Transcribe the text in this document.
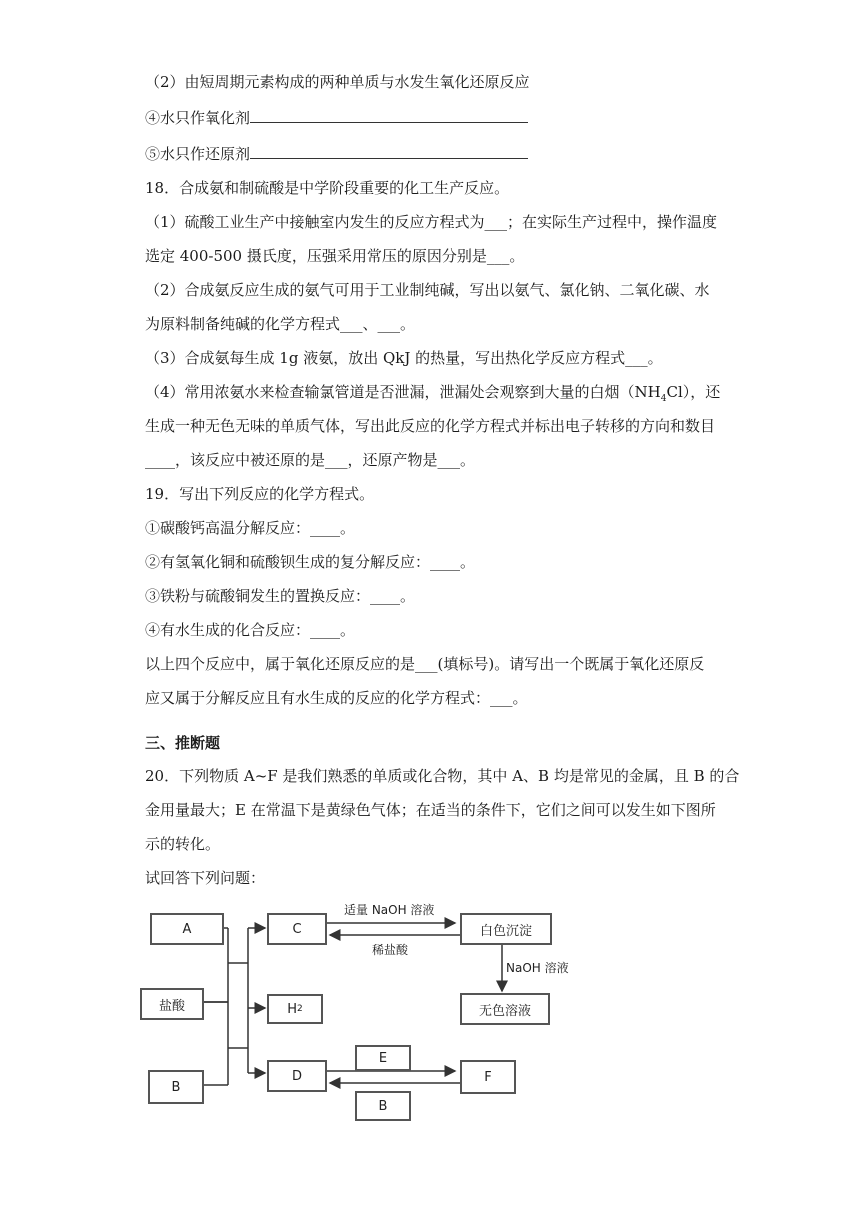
（2）由短周期元素构成的两种单质与水发生氧化还原反应
④水只作氧化剂
⑤水只作还原剂
18．合成氨和制硫酸是中学阶段重要的化工生产反应。
（1）硫酸工业生产中接触室内发生的反应方程式为___；在实际生产过程中，操作温度
选定 400-500 摄氏度，压强采用常压的原因分别是___。
（2）合成氨反应生成的氨气可用于工业制纯碱，写出以氨气、氯化钠、二氧化碳、水
为原料制备纯碱的化学方程式___、___。
（3）合成氨每生成 1g 液氨，放出 QkJ 的热量，写出热化学反应方程式___。
（4）常用浓氨水来检查输氯管道是否泄漏，泄漏处会观察到大量的白烟$(NH_4Cl)$，还
生成一种无色无味的单质气体，写出此反应的化学方程式并标出电子转移的方向和数目
____，该反应中被还原的是___，还原产物是___。
19．写出下列反应的化学方程式。
①碳酸钙高温分解反应：____。
②有氢氧化铜和硫酸钡生成的复分解反应：____。
③铁粉与硫酸铜发生的置换反应：____。
④有水生成的化合反应：____。
以上四个反应中，属于氧化还原反应的是___(填标号)。请写出一个既属于氧化还原反
应又属于分解反应且有水生成的反应的化学方程式：___。
三、推断题
20．下列物质 A~F 是我们熟悉的单质或化合物，其中 A、B 均是常见的金属，且 B 的合
金用量最大；E 在常温下是黄绿色气体；在适当的条件下，它们之间可以发生如下图所
示的转化。
试回答下列问题：
A
盐酸
B
C
H 2
D
白色沉淀
无色溶液
E
F
B
适量 NaOH 溶液
稀盐酸
NaOH 溶液
